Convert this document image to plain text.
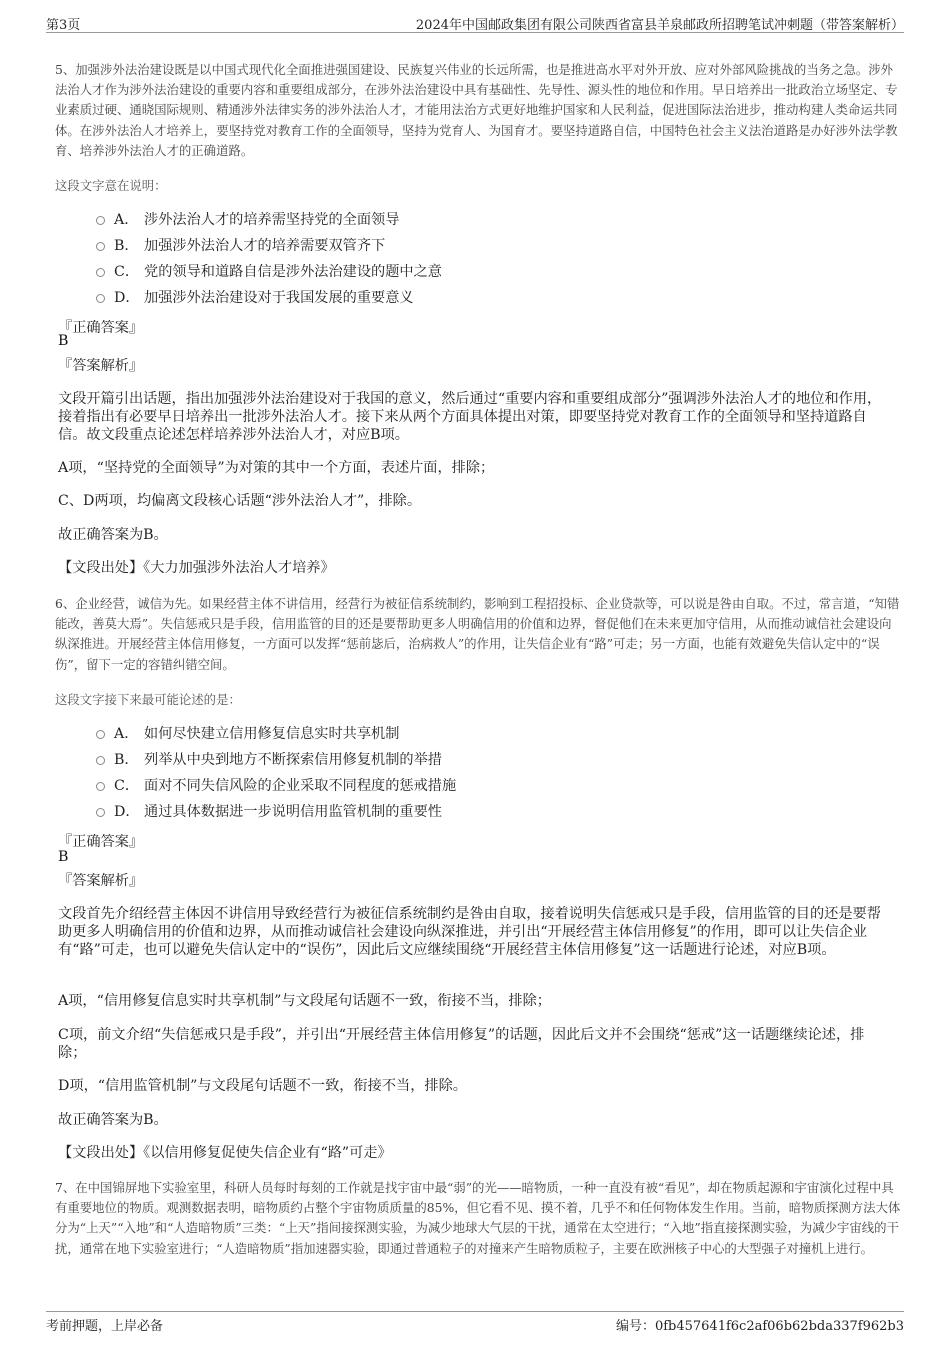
第3页	2024年中国邮政集团有限公司陕西省富县羊泉邮政所招聘笔试冲刺题（带答案解析）
5、加强涉外法治建设既是以中国式现代化全面推进强国建设、民族复兴伟业的长远所需，也是推进高水平对外开放、应对外部风险挑战的当务之急。涉外法治人才作为涉外法治建设的重要内容和重要组成部分，在涉外法治建设中具有基础性、先导性、源头性的地位和作用。早日培养出一批政治立场坚定、专业素质过硬、通晓国际规则、精通涉外法律实务的涉外法治人才，才能用法治方式更好地维护国家和人民利益，促进国际法治进步，推动构建人类命运共同体。在涉外法治人才培养上，要坚持党对教育工作的全面领导，坚持为党育人、为国育才。要坚持道路自信，中国特色社会主义法治道路是办好涉外法学教育、培养涉外法治人才的正确道路。
这段文字意在说明：
A． 涉外法治人才的培养需坚持党的全面领导
B． 加强涉外法治人才的培养需要双管齐下
C． 党的领导和道路自信是涉外法治建设的题中之意
D． 加强涉外法治建设对于我国发展的重要意义
『正确答案』
B
『答案解析』
文段开篇引出话题，指出加强涉外法治建设对于我国的意义，然后通过“重要内容和重要组成部分”强调涉外法治人才的地位和作用，接着指出有必要早日培养出一批涉外法治人才。接下来从两个方面具体提出对策，即要坚持党对教育工作的全面领导和坚持道路自信。故文段重点论述怎样培养涉外法治人才，对应B项。
A项，“坚持党的全面领导”为对策的其中一个方面，表述片面，排除；
C、D两项，均偏离文段核心话题“涉外法治人才”，排除。
故正确答案为B。
【文段出处】《大力加强涉外法治人才培养》
6、企业经营，诚信为先。如果经营主体不讲信用，经营行为被征信系统制约，影响到工程招投标、企业贷款等，可以说是咎由自取。不过，常言道，“知错能改，善莫大焉”。失信惩戒只是手段，信用监管的目的还是要帮助更多人明确信用的价值和边界，督促他们在未来更加守信用，从而推动诚信社会建设向纵深推进。开展经营主体信用修复，一方面可以发挥“惩前毖后，治病救人”的作用，让失信企业有“路”可走；另一方面，也能有效避免失信认定中的“误伤”，留下一定的容错纠错空间。
这段文字接下来最可能论述的是：
A． 如何尽快建立信用修复信息实时共享机制
B． 列举从中央到地方不断探索信用修复机制的举措
C． 面对不同失信风险的企业采取不同程度的惩戒措施
D． 通过具体数据进一步说明信用监管机制的重要性
『正确答案』
B
『答案解析』
文段首先介绍经营主体因不讲信用导致经营行为被征信系统制约是咎由自取，接着说明失信惩戒只是手段，信用监管的目的还是要帮助更多人明确信用的价值和边界，从而推动诚信社会建设向纵深推进，并引出“开展经营主体信用修复”的作用，即可以让失信企业有“路”可走，也可以避免失信认定中的“误伤”，因此后文应继续围绕“开展经营主体信用修复”这一话题进行论述，对应B项。
A项，“信用修复信息实时共享机制”与文段尾句话题不一致，衔接不当，排除；
C项，前文介绍“失信惩戒只是手段”，并引出“开展经营主体信用修复”的话题，因此后文并不会围绕“惩戒”这一话题继续论述，排除；
D项，“信用监管机制”与文段尾句话题不一致，衔接不当，排除。
故正确答案为B。
【文段出处】《以信用修复促使失信企业有“路”可走》
7、在中国锦屏地下实验室里，科研人员每时每刻的工作就是找宇宙中最“弱”的光——暗物质，一种一直没有被“看见”，却在物质起源和宇宙演化过程中具有重要地位的物质。观测数据表明，暗物质约占整个宇宙物质质量的85%，但它看不见、摸不着，几乎不和任何物体发生作用。当前，暗物质探测方法大体分为“上天”“入地”和“人造暗物质”三类：“上天”指间接探测实验，为减少地球大气层的干扰，通常在太空进行；“入地”指直接探测实验，为减少宇宙线的干扰，通常在地下实验室进行；“人造暗物质”指加速器实验，即通过普通粒子的对撞来产生暗物质粒子，主要在欧洲核子中心的大型强子对撞机上进行。
考前押题，上岸必备	编号：0fb457641f6c2af06b62bda337f962b3
